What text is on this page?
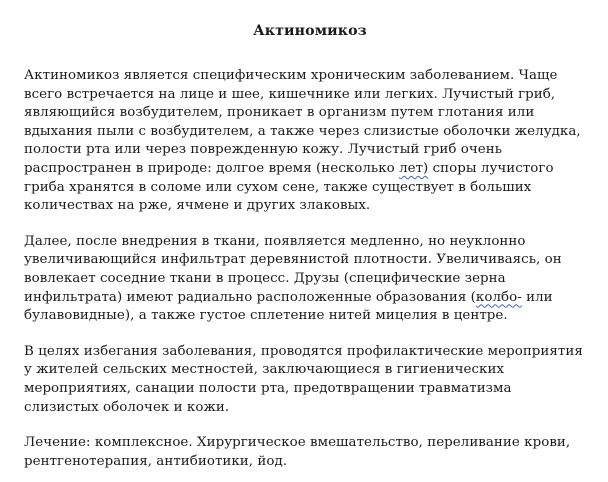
Актиномикоз
Актиномикоз является специфическим хроническим заболеванием. Чаще
всего встречается на лице и шее, кишечнике или легких. Лучистый гриб,
являющийся возбудителем, проникает в организм путем глотания или
вдыхания пыли с возбудителем, а также через слизистые оболочки желудка,
полости рта или через поврежденную кожу. Лучистый гриб очень
распространен в природе: долгое время (несколько лет) споры лучистого
гриба хранятся в соломе или сухом сене, также существует в больших
количествах на рже, ячмене и других злаковых.
Далее, после внедрения в ткани, появляется медленно, но неуклонно
увеличивающийся инфильтрат деревянистой плотности. Увеличиваясь, он
вовлекает соседние ткани в процесс. Друзы (специфические зерна
инфильтрата) имеют радиально расположенные образования (колбо- или
булавовидные), а также густое сплетение нитей мицелия в центре.
В целях избегания заболевания, проводятся профилактические мероприятия
у жителей сельских местностей, заключающиеся в гигиенических
мероприятиях, санации полости рта, предотвращении травматизма
слизистых оболочек и кожи.
Лечение: комплексное. Хирургическое вмешательство, переливание крови,
рентгенотерапия, антибиотики, йод.
